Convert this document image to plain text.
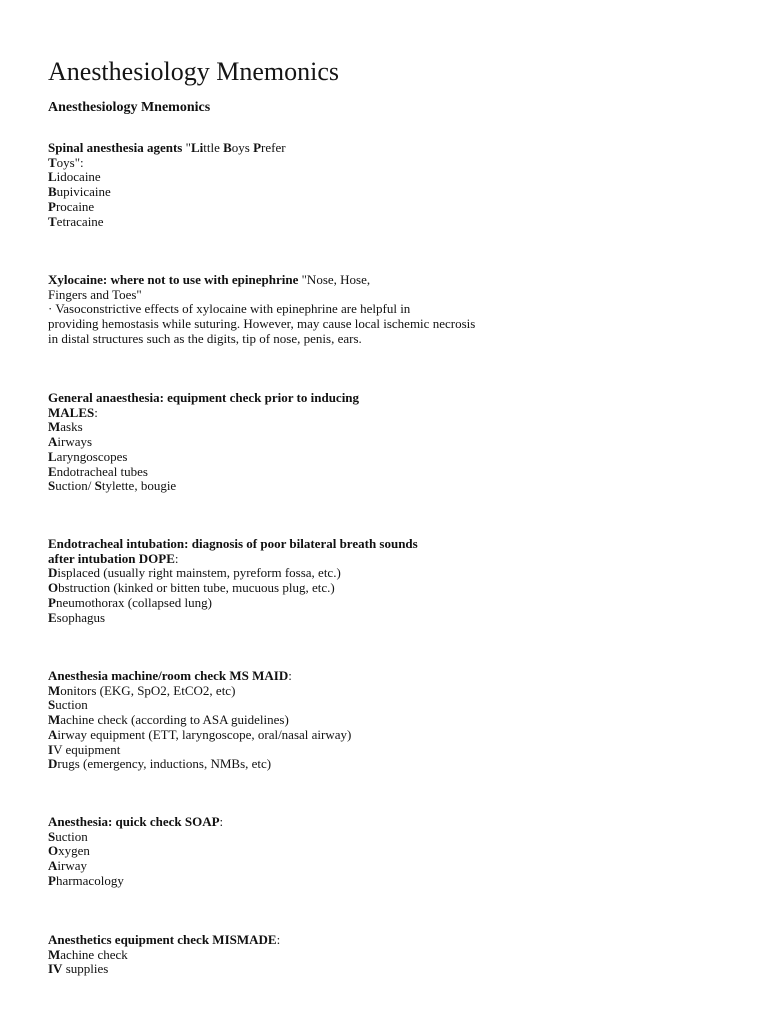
Anesthesiology Mnemonics
Anesthesiology Mnemonics
Spinal anesthesia agents "Little Boys Prefer
Toys":
Lidocaine
Bupivicaine
Procaine
Tetracaine
Xylocaine: where not to use with epinephrine "Nose, Hose,
Fingers and Toes"
· Vasoconstrictive effects of xylocaine with epinephrine are helpful in
providing hemostasis while suturing. However, may cause local ischemic necrosis
in distal structures such as the digits, tip of nose, penis, ears.
General anaesthesia: equipment check prior to inducing
MALES:
Masks
Airways
Laryngoscopes
Endotracheal tubes
Suction/ Stylette, bougie
Endotracheal intubation: diagnosis of poor bilateral breath sounds
after intubation DOPE:
Displaced (usually right mainstem, pyreform fossa, etc.)
Obstruction (kinked or bitten tube, mucuous plug, etc.)
Pneumothorax (collapsed lung)
Esophagus
Anesthesia machine/room check MS MAID:
Monitors (EKG, SpO2, EtCO2, etc)
Suction
Machine check (according to ASA guidelines)
Airway equipment (ETT, laryngoscope, oral/nasal airway)
IV equipment
Drugs (emergency, inductions, NMBs, etc)
Anesthesia: quick check SOAP:
Suction
Oxygen
Airway
Pharmacology
Anesthetics equipment check MISMADE:
Machine check
IV supplies
